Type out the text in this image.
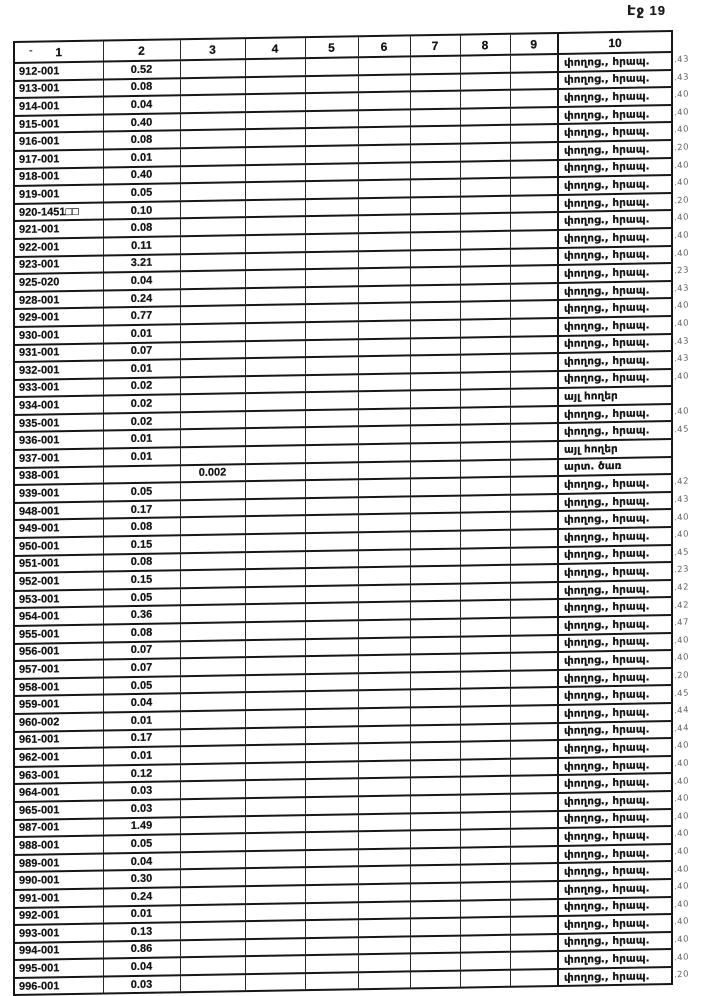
Էջ 19
- 1	2	3	4	5	6	7	8	9	10
912-001	0.52								փողոց., հրապ.
913-001	0.08								փողոց., հրապ.
914-001	0.04								փողոց., հրապ.
915-001	0.40								փողոց., հրապ.
916-001	0.08								փողոց., հրապ.
917-001	0.01								փողոց., հրապ.
918-001	0.40								փողոց., հրապ.
919-001	0.05								փողոց., հրապ.
920-1451□□	0.10								փողոց., հրապ.
921-001	0.08								փողոց., հրապ.
922-001	0.11								փողոց., հրապ.
923-001	3.21								փողոց., հրապ.
925-020	0.04								փողոց., հրապ.
928-001	0.24								փողոց., հրապ.
929-001	0.77								փողոց., հրապ.
930-001	0.01								փողոց., հրապ.
931-001	0.07								փողոց., հրապ.
932-001	0.01								փողոց., հրապ.
933-001	0.02								փողոց., հրապ.
934-001	0.02								այլ հողեր
935-001	0.02								փողոց., հրապ.
936-001	0.01								փողոց., հրապ.
937-001	0.01								այլ հողեր
938-001		0.002							արտ. ծառ
939-001	0.05								փողոց., հրապ.
948-001	0.17								փողոց., հրապ.
949-001	0.08								փողոց., հրապ.
950-001	0.15								փողոց., հրապ.
951-001	0.08								փողոց., հրապ.
952-001	0.15								փողոց., հրապ.
953-001	0.05								փողոց., հրապ.
954-001	0.36								փողոց., հրապ.
955-001	0.08								փողոց., հրապ.
956-001	0.07								փողոց., հրապ.
957-001	0.07								փողոց., հրապ.
958-001	0.05								փողոց., հրապ.
959-001	0.04								փողոց., հրապ.
960-002	0.01								փողոց., հրապ.
961-001	0.17								փողոց., հրապ.
962-001	0.01								փողոց., հրապ.
963-001	0.12								փողոց., հրապ.
964-001	0.03								փողոց., հրապ.
965-001	0.03								փողոց., հրապ.
987-001	1.49								փողոց., հրապ.
988-001	0.05								փողոց., հրապ.
989-001	0.04								փողոց., հրապ.
990-001	0.30								փողոց., հրապ.
991-001	0.24								փողոց., հրապ.
992-001	0.01								փողոց., հրապ.
993-001	0.13								փողոց., հրապ.
994-001	0.86								փողոց., հրապ.
995-001	0.04								փողոց., հրապ.
996-001	0.03								փողոց., հրապ.
.43
.43
.40
.40
.40
.20
.40
.40
.20
.40
.40
.40
.23
.43
.40
.40
.43
.43
.40
.40
.45
.42
.43
.40
.40
.45
.23
.42
.42
.47
.40
.40
.20
.45
.44
.44
.40
.40
.40
.40
.40
.40
.40
.40
.40
.40
.40
.40
.40
.20
